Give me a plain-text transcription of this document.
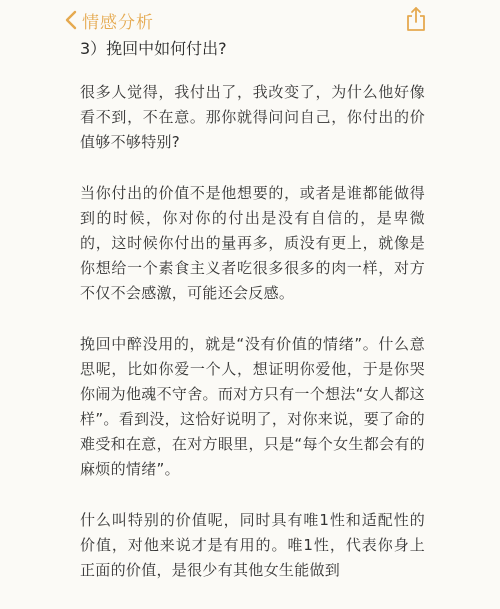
情感分析
3）挽回中如何付出?

很多人觉得，我付出了，我改变了，为什么他好像看不到，不在意。那你就得问问自己，你付出的价值够不够特别?

当你付出的价值不是他想要的，或者是谁都能做得到的时候，你对你的付出是没有自信的，是卑微的，这时候你付出的量再多，质没有更上，就像是你想给一个素食主义者吃很多很多的肉一样，对方不仅不会感激，可能还会反感。

挽回中醉没用的，就是“没有价值的情绪”。什么意思呢，比如你爱一个人，想证明你爱他，于是你哭你闹为他魂不守舍。而对方只有一个想法“女人都这样”。看到没，这恰好说明了，对你来说，要了命的难受和在意，在对方眼里，只是“每个女生都会有的麻烦的情绪”。

什么叫特别的价值呢，同时具有唯1性和适配性的价值，对他来说才是有用的。唯1性，代表你身上正面的价值，是很少有其他女生能做到
